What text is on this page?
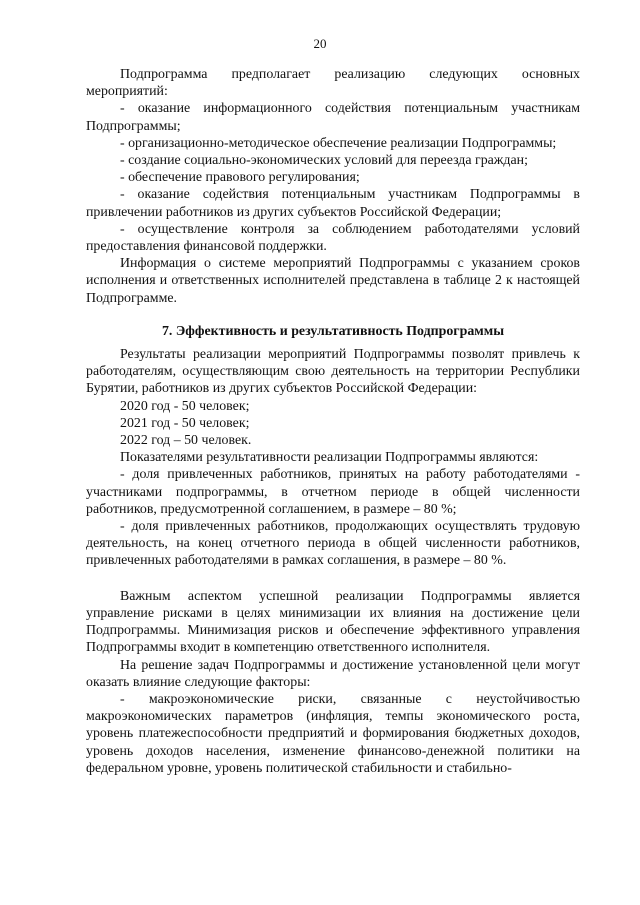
20

Подпрограмма предполагает реализацию следующих основных мероприятий:

- оказание информационного содействия потенциальным участникам Подпрограммы;

- организационно-методическое обеспечение реализации Подпрограммы;

- создание социально-экономических условий для переезда граждан;

- обеспечение правового регулирования;

- оказание содействия потенциальным участникам Подпрограммы в привлечении работников из других субъектов Российской Федерации;

- осуществление контроля за соблюдением работодателями условий предоставления финансовой поддержки.

Информация о системе мероприятий Подпрограммы с указанием сроков исполнения и ответственных исполнителей представлена в таблице 2 к настоящей Подпрограмме.

7. Эффективность и результативность Подпрограммы

Результаты реализации мероприятий Подпрограммы позволят привлечь к работодателям, осуществляющим свою деятельность на территории Республики Бурятии, работников из других субъектов Российской Федерации:

2020 год - 50 человек;

2021 год - 50 человек;

2022 год – 50 человек.

Показателями результативности реализации Подпрограммы являются:

- доля привлеченных работников, принятых на работу работодателями - участниками подпрограммы, в отчетном периоде в общей численности работников, предусмотренной соглашением, в размере – 80 %;

- доля привлеченных работников, продолжающих осуществлять трудовую деятельность, на конец отчетного периода в общей численности работников, привлеченных работодателями в рамках соглашения, в размере – 80 %.

Важным аспектом успешной реализации Подпрограммы является управление рисками в целях минимизации их влияния на достижение цели Подпрограммы. Минимизация рисков и обеспечение эффективного управления Подпрограммы входит в компетенцию ответственного исполнителя.

На решение задач Подпрограммы и достижение установленной цели могут оказать влияние следующие факторы:

- макроэкономические риски, связанные с неустойчивостью макроэкономических параметров (инфляция, темпы экономического роста, уровень платежеспособности предприятий и формирования бюджетных доходов, уровень доходов населения, изменение финансово-денежной политики на федеральном уровне, уровень политической стабильности и стабильно-
